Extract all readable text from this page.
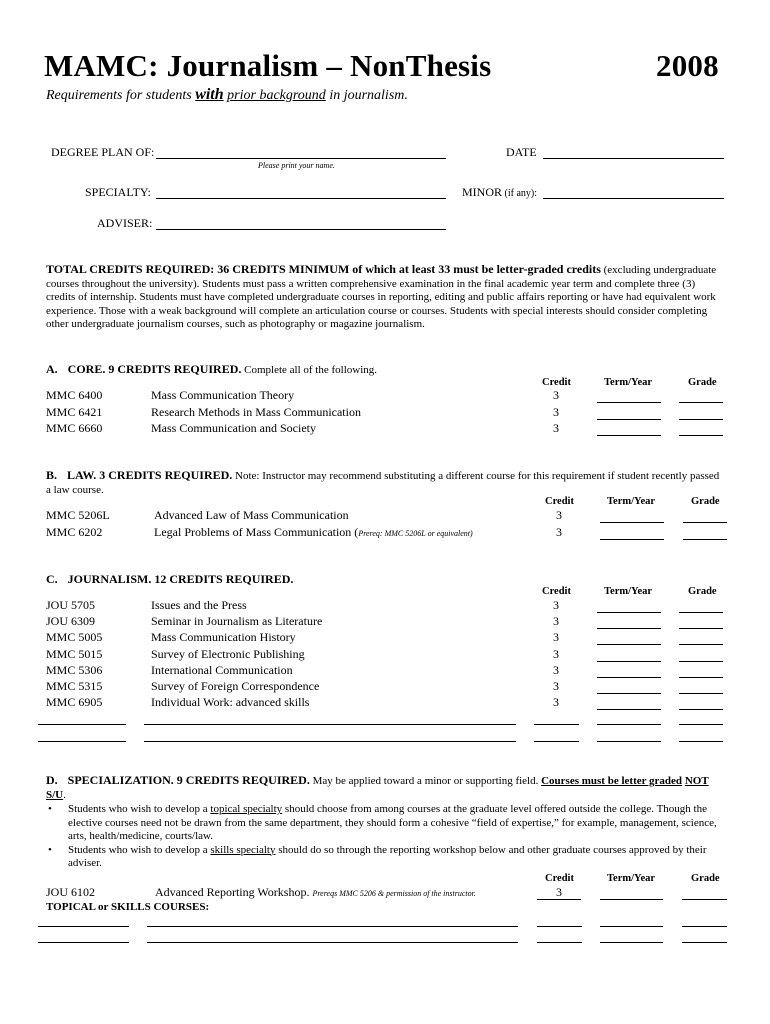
MAMC: Journalism – NonThesis	2008
Requirements for students with prior background in journalism.
DEGREE PLAN OF:
Please print your name.
DATE
SPECIALTY:	MINOR (if any):
ADVISER:
TOTAL CREDITS REQUIRED: 36 CREDITS MINIMUM of which at least 33 must be letter-graded credits (excluding undergraduate courses throughout the university). Students must pass a written comprehensive examination in the final academic year term and complete three (3) credits of internship. Students must have completed undergraduate courses in reporting, editing and public affairs reporting or have had equivalent work experience. Those with a weak background will complete an articulation course or courses. Students with special interests should consider completing other undergraduate journalism courses, such as photography or magazine journalism.
A. CORE. 9 CREDITS REQUIRED. Complete all of the following.
Credit	Term/Year	Grade
MMC 6400	Mass Communication Theory	3
MMC 6421	Research Methods in Mass Communication	3
MMC 6660	Mass Communication and Society	3
B. LAW. 3 CREDITS REQUIRED. Note: Instructor may recommend substituting a different course for this requirement if student recently passed a law course.
Credit	Term/Year	Grade
MMC 5206L	Advanced Law of Mass Communication	3
MMC 6202	Legal Problems of Mass Communication (Prereq: MMC 5206L or equivalent)	3
C. JOURNALISM. 12 CREDITS REQUIRED.
Credit	Term/Year	Grade
JOU 5705	Issues and the Press	3
JOU 6309	Seminar in Journalism as Literature	3
MMC 5005	Mass Communication History	3
MMC 5015	Survey of Electronic Publishing	3
MMC 5306	International Communication	3
MMC 5315	Survey of Foreign Correspondence	3
MMC 6905	Individual Work: advanced skills	3
D. SPECIALIZATION. 9 CREDITS REQUIRED. May be applied toward a minor or supporting field. Courses must be letter graded NOT S/U.
• Students who wish to develop a topical specialty should choose from among courses at the graduate level offered outside the college. Though the elective courses need not be drawn from the same department, they should form a cohesive “field of expertise,” for example, management, science, arts, health/medicine, courts/law.
• Students who wish to develop a skills specialty should do so through the reporting workshop below and other graduate courses approved by their adviser.
Credit	Term/Year	Grade
JOU 6102	Advanced Reporting Workshop. Prereqs MMC 5206 & permission of the instructor.	3
TOPICAL or SKILLS COURSES:
